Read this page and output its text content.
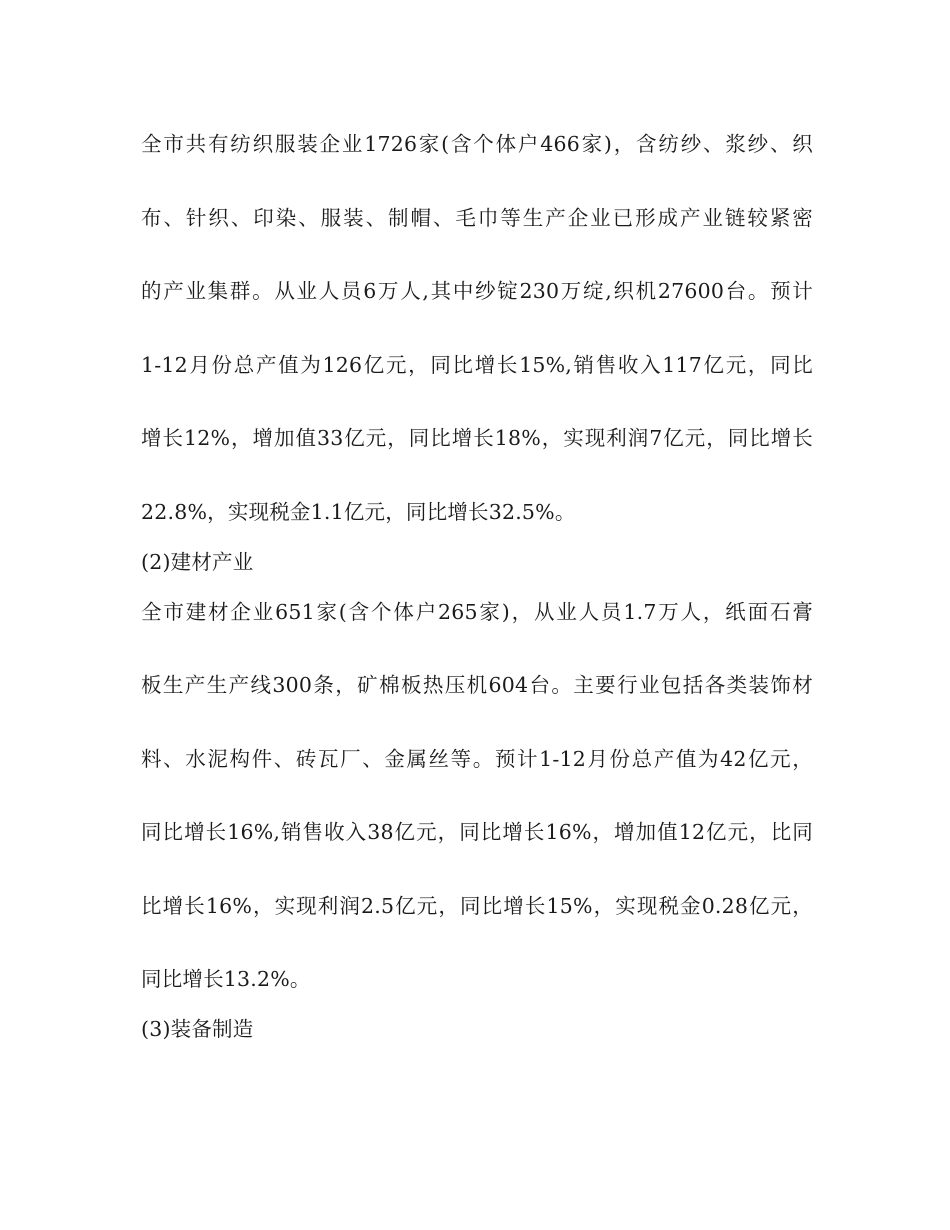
全市共有纺织服装企业1726家(含个体户466家)，含纺纱、浆纱、织
布、针织、印染、服装、制帽、毛巾等生产企业已形成产业链较紧密
的产业集群。从业人员6万人,其中纱锭230万绽,织机27600台。预计
1-12月份总产值为126亿元，同比增长15%,销售收入117亿元，同比
增长12%，增加值33亿元，同比增长18%，实现利润7亿元，同比增长
22.8%，实现税金1.1亿元，同比增长32.5%。
(2)建材产业
全市建材企业651家(含个体户265家)，从业人员1.7万人，纸面石膏
板生产生产线300条，矿棉板热压机604台。主要行业包括各类装饰材
料、水泥构件、砖瓦厂、金属丝等。预计1-12月份总产值为42亿元，
同比增长16%,销售收入38亿元，同比增长16%，增加值12亿元，比同
比增长16%，实现利润2.5亿元，同比增长15%，实现税金0.28亿元，
同比增长13.2%。
(3)装备制造
